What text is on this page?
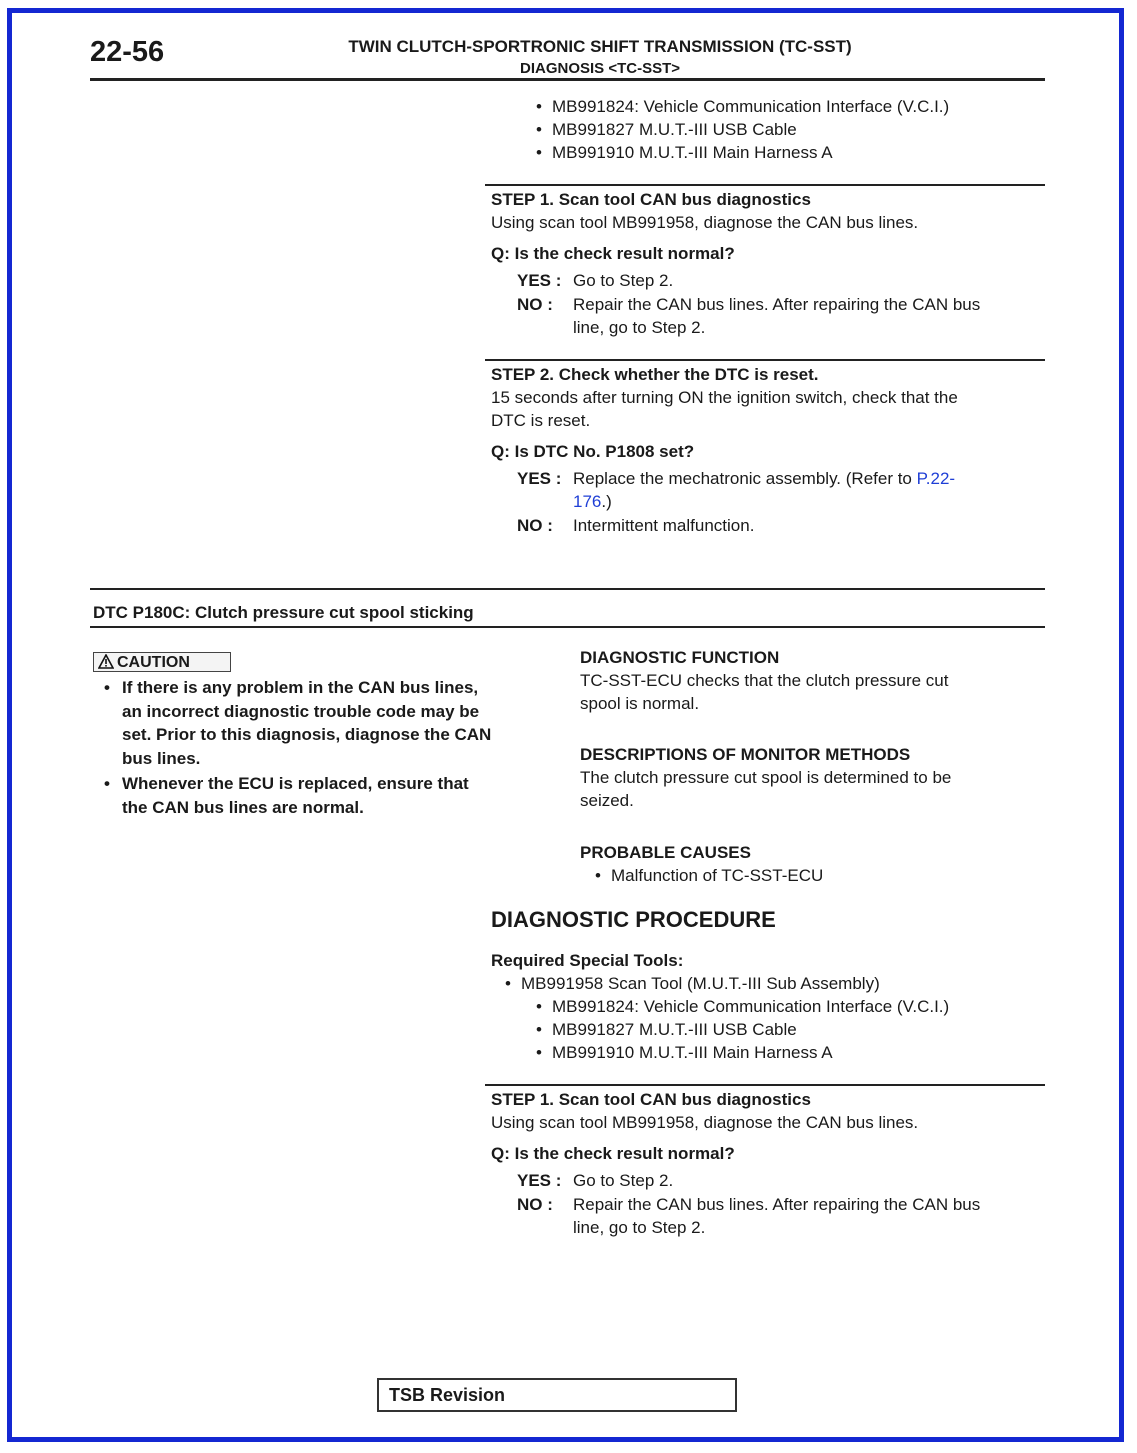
22-56	TWIN CLUTCH-SPORTRONIC SHIFT TRANSMISSION (TC-SST)
DIAGNOSIS <TC-SST>
• MB991824: Vehicle Communication Interface (V.C.I.)
• MB991827 M.U.T.-III USB Cable
• MB991910 M.U.T.-III Main Harness A
STEP 1. Scan tool CAN bus diagnostics
Using scan tool MB991958, diagnose the CAN bus lines.
Q: Is the check result normal?
YES : Go to Step 2.
NO : Repair the CAN bus lines. After repairing the CAN bus
line, go to Step 2.
STEP 2. Check whether the DTC is reset.
15 seconds after turning ON the ignition switch, check that the
DTC is reset.
Q: Is DTC No. P1808 set?
YES : Replace the mechatronic assembly. (Refer to P.22-
176.)
NO : Intermittent malfunction.
DTC P180C: Clutch pressure cut spool sticking
CAUTION
• If there is any problem in the CAN bus lines,
an incorrect diagnostic trouble code may be
set. Prior to this diagnosis, diagnose the CAN
bus lines.
• Whenever the ECU is replaced, ensure that
the CAN bus lines are normal.
DIAGNOSTIC FUNCTION
TC-SST-ECU checks that the clutch pressure cut
spool is normal.
DESCRIPTIONS OF MONITOR METHODS
The clutch pressure cut spool is determined to be
seized.
PROBABLE CAUSES
• Malfunction of TC-SST-ECU
DIAGNOSTIC PROCEDURE
Required Special Tools:
• MB991958 Scan Tool (M.U.T.-III Sub Assembly)
• MB991824: Vehicle Communication Interface (V.C.I.)
• MB991827 M.U.T.-III USB Cable
• MB991910 M.U.T.-III Main Harness A
STEP 1. Scan tool CAN bus diagnostics
Using scan tool MB991958, diagnose the CAN bus lines.
Q: Is the check result normal?
YES : Go to Step 2.
NO : Repair the CAN bus lines. After repairing the CAN bus
line, go to Step 2.
TSB Revision
